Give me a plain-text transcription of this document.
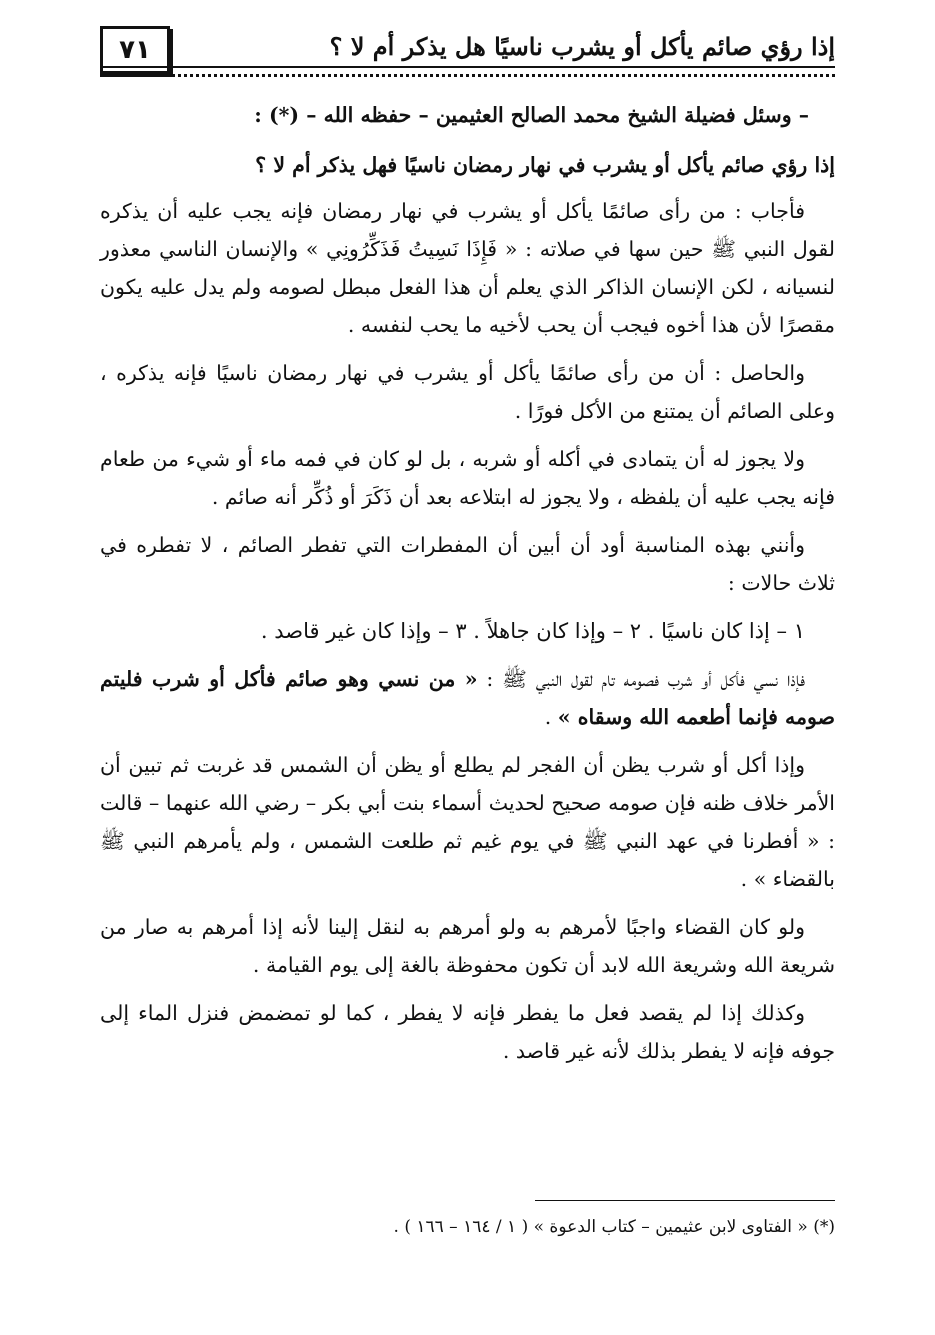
٧١	إذا رؤي صائم يأكل أو يشرب ناسيًا هل يذكر أم لا ؟

– وسئل فضيلة الشيخ محمد الصالح العثيمين – حفظه الله – (*) :

إذا رؤي صائم يأكل أو يشرب في نهار رمضان ناسيًا فهل يذكر أم لا ؟

فأجاب : من رأى صائمًا يأكل أو يشرب في نهار رمضان فإنه يجب عليه أن يذكره لقول النبي ﷺ حين سها في صلاته : « فَإِذَا نَسِيتُ فَذَكِّرُونِي » والإنسان الناسي معذور لنسيانه ، لكن الإنسان الذاكر الذي يعلم أن هذا الفعل مبطل لصومه ولم يدل عليه يكون مقصرًا لأن هذا أخوه فيجب أن يحب لأخيه ما يحب لنفسه .

والحاصل : أن من رأى صائمًا يأكل أو يشرب في نهار رمضان ناسيًا فإنه يذكره ، وعلى الصائم أن يمتنع من الأكل فورًا .

ولا يجوز له أن يتمادى في أكله أو شربه ، بل لو كان في فمه ماء أو شيء من طعام فإنه يجب عليه أن يلفظه ، ولا يجوز له ابتلاعه بعد أن ذَكَرَ أو ذُكِّر أنه صائم .

وأنني بهذه المناسبة أود أن أبين أن المفطرات التي تفطر الصائم ، لا تفطره في ثلاث حالات :

١ – إذا كان ناسيًا . ٢ – وإذا كان جاهلاً . ٣ – وإذا كان غير قاصد .

فإذا نسي فأكل أو شرب فصومه تام لقول النبي ﷺ : « من نسي وهو صائم فأكل أو شرب فليتم صومه فإنما أطعمه الله وسقاه » .

وإذا أكل أو شرب يظن أن الفجر لم يطلع أو يظن أن الشمس قد غربت ثم تبين أن الأمر خلاف ظنه فإن صومه صحيح لحديث أسماء بنت أبي بكر – رضي الله عنهما – قالت : « أفطرنا في عهد النبي ﷺ في يوم غيم ثم طلعت الشمس ، ولم يأمرهم النبي ﷺ بالقضاء » .

ولو كان القضاء واجبًا لأمرهم به ولو أمرهم به لنقل إلينا لأنه إذا أمرهم به صار من شريعة الله وشريعة الله لابد أن تكون محفوظة بالغة إلى يوم القيامة .

وكذلك إذا لم يقصد فعل ما يفطر فإنه لا يفطر ، كما لو تمضمض فنزل الماء إلى جوفه فإنه لا يفطر بذلك لأنه غير قاصد .

(*) « الفتاوى لابن عثيمين – كتاب الدعوة » ( ١ / ١٦٤ – ١٦٦ ) .
